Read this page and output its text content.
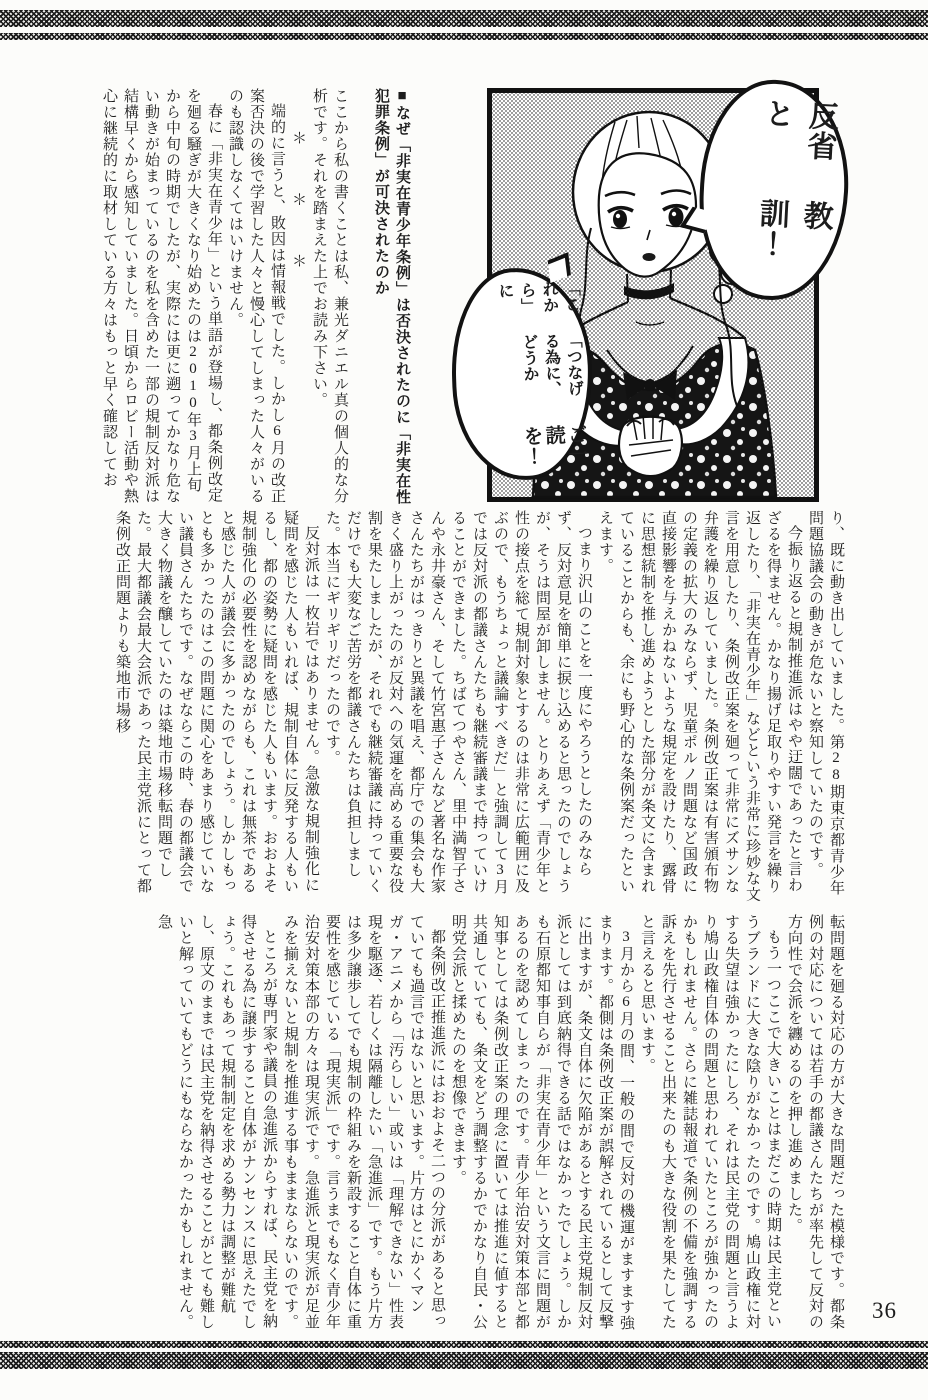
反省と
教訓！
「これから」に
「つなげる為に、どうか
ご一読を！
■なぜ「非実在青少年条例」は否決されたのに「非実在性犯罪条例」が可決されたのか

ここから私の書くことは私、兼光ダニエル真の個人的な分析です。それを踏まえた上でお読み下さい。

＊＊＊

端的に言うと、敗因は情報戦でした。しかし6月の改正案否決の後で学習した人々と慢心してしまった人々がいるのも認識しなくてはいけません。

春に「非実在青少年」という単語が登場し、都条例改定を廻る騒ぎが大きくなり始めたのは2010年3月上旬から中旬の時期でしたが、実際には更に遡ってかなり危ない動きが始まっているのを私を含めた一部の規制反対派は結構早くから感知していました。日頃からロビー活動や熱心に継続的に取材している方々はもっと早く確認してお

り、既に動き出していました。第28期東京都青少年問題協議会の動きが危ないと察知していたのです。

今振り返ると規制推進派はやや迂闊であったと言わざるを得ません。かなり揚げ足取りやすい発言を繰り返したり、「非実在青少年」などという非常に珍妙な文言を用意したり、条例改正案を廻って非常にズサンな弁護を繰り返していました。条例改正案は有害頒布物の定義の拡大のみならず、児童ポルノ問題など国政に直接影響を与えかねないような規定を設けたり、露骨に思想統制を推し進めようとした部分が条文に含まれていることからも、余にも野心的な条例案だったといえます。

つまり沢山のことを一度にやろうとしたのみならず、反対意見を簡単に捩じ込めると思ったのでしょうが、そうは問屋が卸しません。とりあえず「青少年と性の接点を総て規制対象とするのは非常に広範囲に及ぶので、もうちょっと議論すべきだ」と強調して3月では反対派の都議さんたちも継続審議まで持っていけることができました。ちばてつやさん、里中満智子さんや永井豪さん、そして竹宮惠子さんなど著名な作家さんたちがはっきりと異議を唱え、都庁での集会も大きく盛り上がったのが反対への気運を高める重要な役割を果たしましたが、それでも継続審議に持っていくだけでも大変なご苦労を都議さんたちは負担しました。本当にギリギリだったのです。

反対派は一枚岩ではありません。急激な規制強化に疑問を感じた人もいれば、規制自体に反発する人もいるし、都の姿勢に疑問を感じた人もいます。おおよそ規制強化の必要性を認めながらも、これは無茶であると感じた人が議会に多かったのでしょう。しかしもっとも多かったのはこの問題に関心をあまり感じていない議員さんたちです。なぜならこの時、春の都議会で大きく物議を醸していたのは築地市場移転問題でした。最大都議会最大会派であった民主党派にとって都条例改正問題よりも築地市場移

転問題を廻る対応の方が大きな問題だった模様です。都条例の対応については若手の都議さんたちが率先して反対の方向性で会派を纏めるのを押し進めました。

もう一つここで大きいことはまだこの時期は民主党というブランドに大きな陰りがなかったのです。鳩山政権に対する失望は強かったにしろ、それは民主党の問題と言うより鳩山政権自体の問題と思われていたところが強かったのかもしれません。さらに雑誌報道で条例の不備を強調する訴えを先行させること出来たのも大きな役割を果たしてたと言えると思います。

3月から6月の間、一般の間で反対の機運がますます強まります。都側は条例改正案が誤解されているとして反撃に出ますが、条文自体に欠陥があるとする民主党規制反対派としては到底納得できる話ではなかったでしょう。しかも石原都知事自らが「非実在青少年」という文言に問題があるのを認めてしまったのです。青少年治安対策本部と都知事としては条例改正案の理念に置いては推進に値すると共通していても、条文をどう調整するかでかなり自民・公明党会派と揉めたのを想像できます。

都条例改正推進派にはおおよそ二つの分派があると思っていても過言ではないと思います。片方はとにかくマンガ・アニメから「汚らしい」或いは「理解できない」性表現を駆逐、若しくは隔離したい「急進派」です。もう片方は多少譲歩してでも規制の枠組みを新設すること自体に重要性を感じている「現実派」です。言うまでもなく青少年治安対策本部の方々は現実派です。急進派と現実派が足並みを揃えないと規制を推進する事もままならないのです。

ところが専門家や議員の急進派からすれば、民主党を納得させる為に譲歩すること自体がナンセンスに思えたでしょう。これもあって規制制定を求める勢力は調整が難航し、原文のままでは民主党を納得させることがとても難しいと解っていてもどうにもならなかったかもしれません。急

36
